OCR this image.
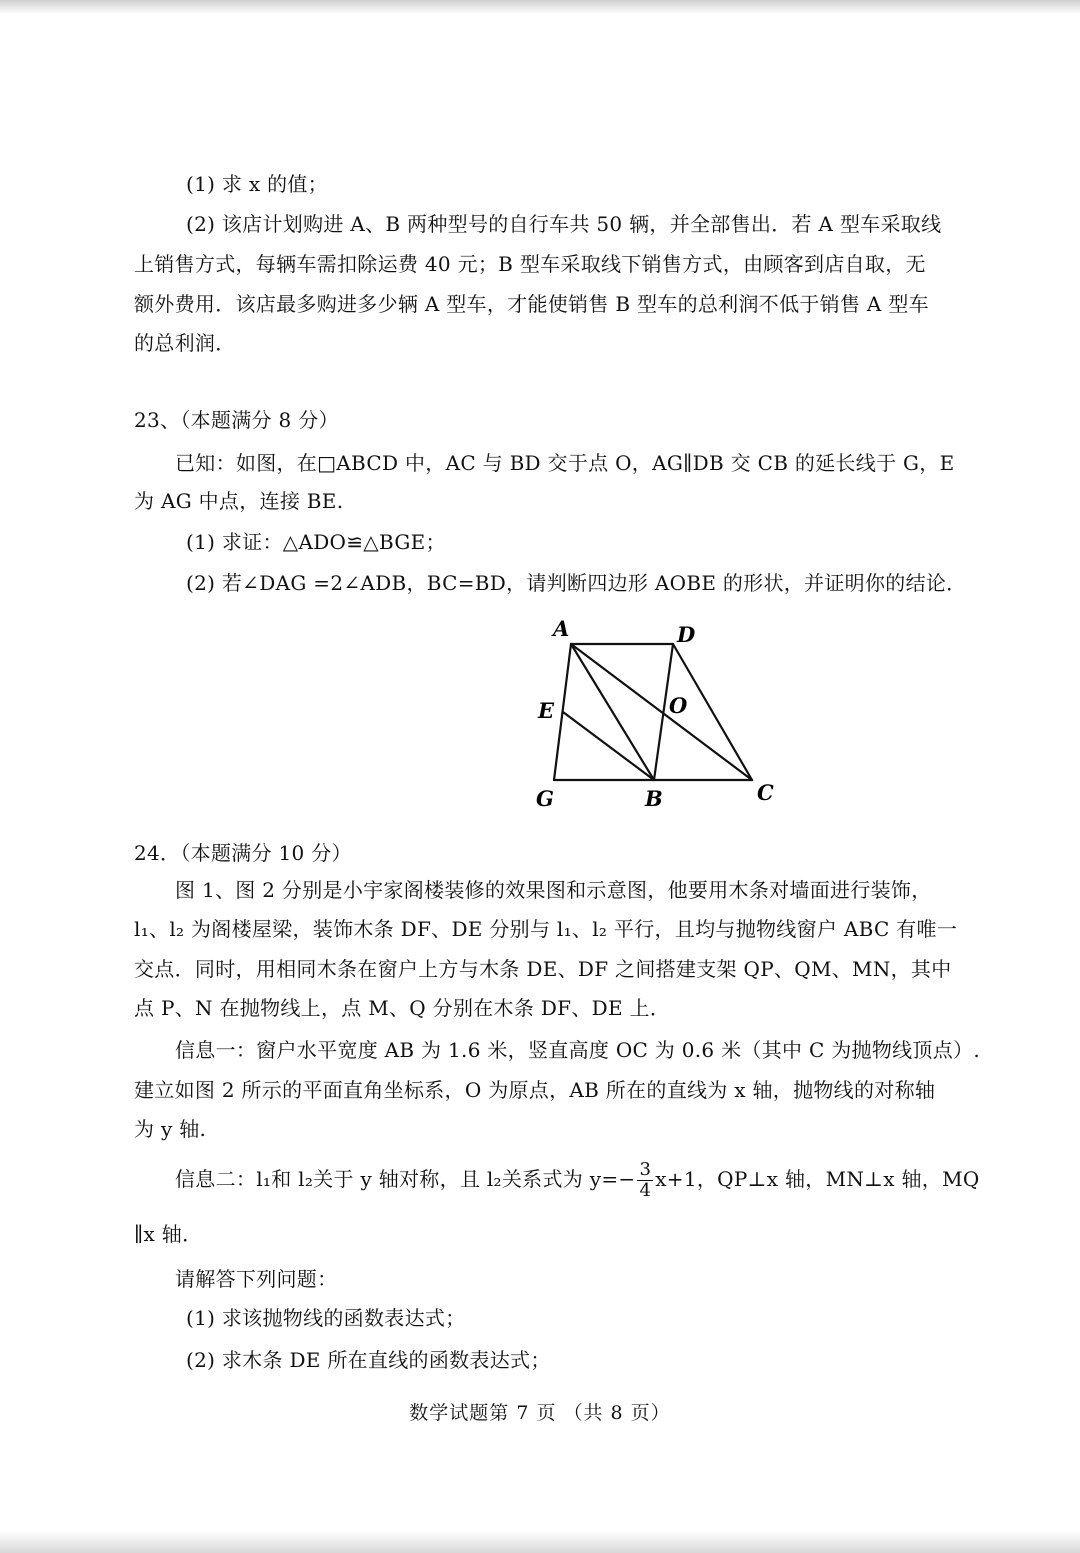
(1) 求 x 的值；
(2) 该店计划购进 A、B 两种型号的自行车共 50 辆，并全部售出．若 A 型车采取线
上销售方式，每辆车需扣除运费 40 元；B 型车采取线下销售方式，由顾客到店自取，无
额外费用．该店最多购进多少辆 A 型车，才能使销售 B 型车的总利润不低于销售 A 型车
的总利润．
23、（本题满分 8 分）
已知：如图，在□ABCD 中，AC 与 BD 交于点 O，AG∥DB 交 CB 的延长线于 G，E
为 AG 中点，连接 BE.
(1) 求证：△ADO≌△BGE；
(2) 若∠DAG =2∠ADB，BC=BD，请判断四边形 AOBE 的形状，并证明你的结论．
A	D
E	O
G	B	C
24．（本题满分 10 分）
图 1、图 2 分别是小宇家阁楼装修的效果图和示意图，他要用木条对墙面进行装饰，
l₁、l₂ 为阁楼屋梁，装饰木条 DF、DE 分别与 l₁、l₂ 平行，且均与抛物线窗户 ABC 有唯一
交点．同时，用相同木条在窗户上方与木条 DE、DF 之间搭建支架 QP、QM、MN，其中
点 P、N 在抛物线上，点 M、Q 分别在木条 DF、DE 上．
信息一：窗户水平宽度 AB 为 1.6 米，竖直高度 OC 为 0.6 米（其中 C 为抛物线顶点）.
建立如图 2 所示的平面直角坐标系，O 为原点，AB 所在的直线为 x 轴，抛物线的对称轴
为 y 轴.
信息二：l₁和 l₂关于 y 轴对称，且 l₂关系式为 $y=- \frac{3}{4} x+1$，QP⊥x 轴，MN⊥x 轴，MQ
∥x 轴．
请解答下列问题：
(1) 求该抛物线的函数表达式；
(2) 求木条 DE 所在直线的函数表达式；
数学试题第 7 页 （共 8 页）
